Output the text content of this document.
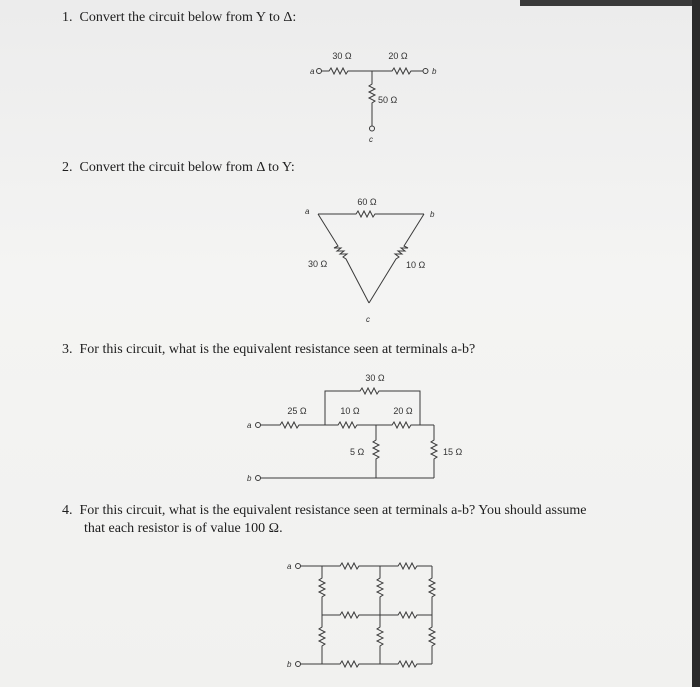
1. Convert the circuit below from Y to Δ:
2. Convert the circuit below from Δ to Y:
3. For this circuit, what is the equivalent resistance seen at terminals a-b?
4. For this circuit, what is the equivalent resistance seen at terminals a-b? You should assume
that each resistor is of value 100 Ω.
30 Ω	20 Ω
50 Ω
a	b
c
60 Ω
30 Ω	10 Ω
a	b
c
25 Ω
30 Ω
10 Ω	20 Ω
5 Ω	15 Ω
a
b
a
b
